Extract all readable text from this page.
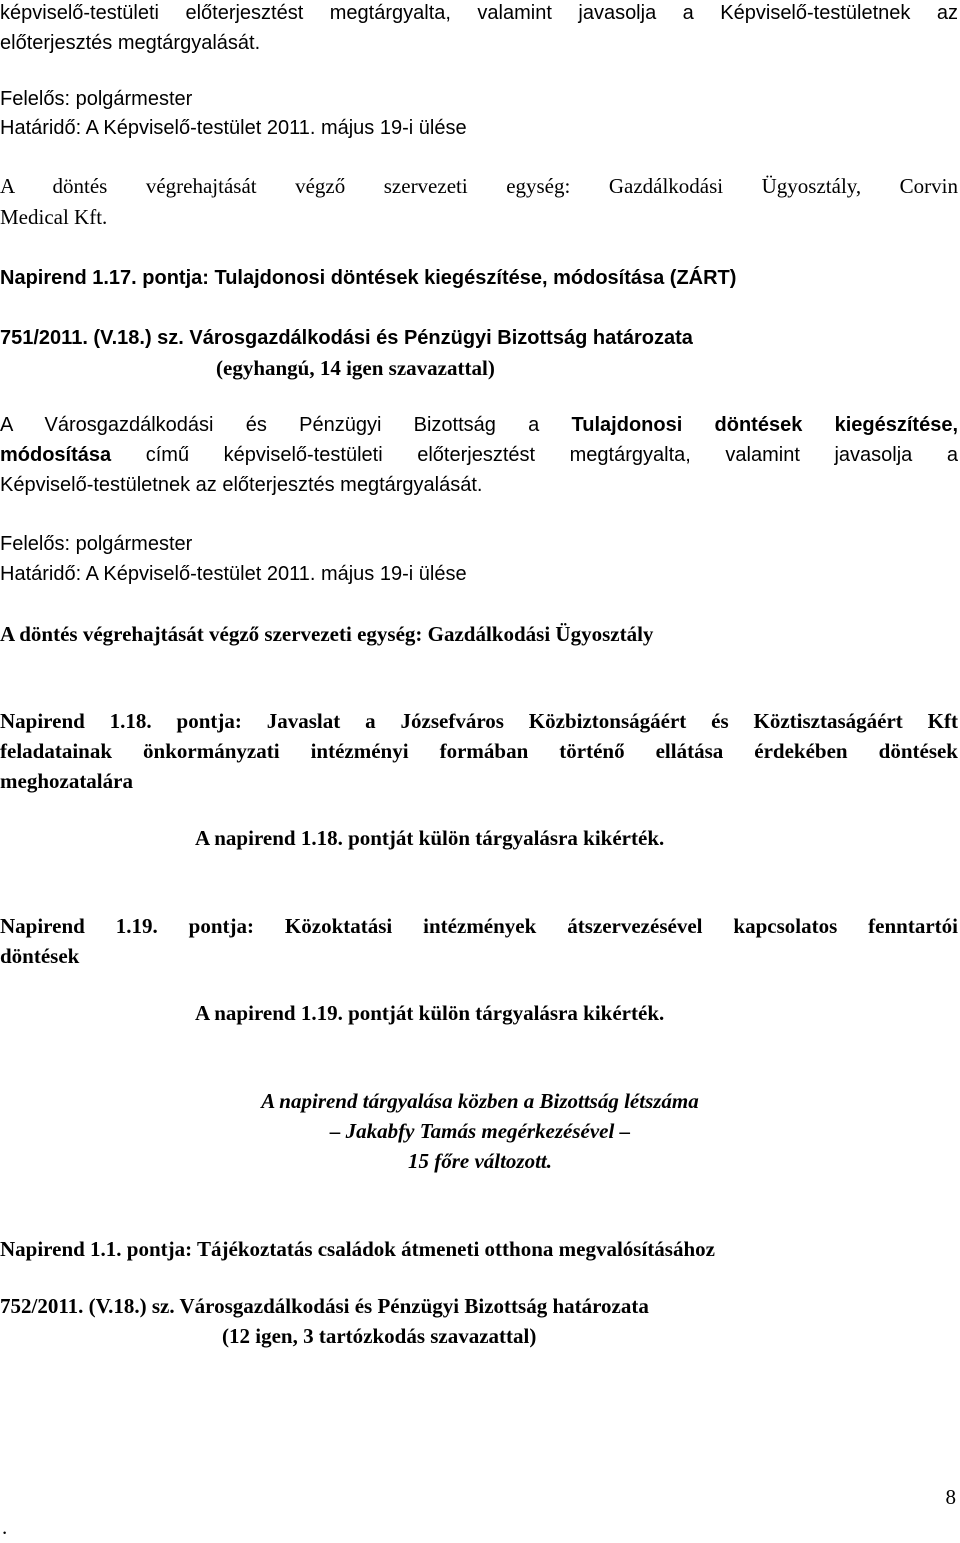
képviselő-testületi előterjesztést megtárgyalta, valamint javasolja a Képviselő-testületnek az
előterjesztés megtárgyalását.
Felelős: polgármester
Határidő: A Képviselő-testület 2011. május 19-i ülése
A döntés végrehajtását végző szervezeti egység: Gazdálkodási Ügyosztály, Corvin
Medical Kft.
Napirend 1.17. pontja: Tulajdonosi döntések kiegészítése, módosítása (ZÁRT)
751/2011. (V.18.) sz. Városgazdálkodási és Pénzügyi Bizottság határozata
(egyhangú, 14 igen szavazattal)
A Városgazdálkodási és Pénzügyi Bizottság a Tulajdonosi döntések kiegészítése,
módosítása című képviselő-testületi előterjesztést megtárgyalta, valamint javasolja a
Képviselő-testületnek az előterjesztés megtárgyalását.
Felelős: polgármester
Határidő: A Képviselő-testület 2011. május 19-i ülése
A döntés végrehajtását végző szervezeti egység: Gazdálkodási Ügyosztály
Napirend 1.18. pontja: Javaslat a Józsefváros Közbiztonságáért és Köztisztaságáért Kft
feladatainak önkormányzati intézményi formában történő ellátása érdekében döntések
meghozatalára
A napirend 1.18. pontját külön tárgyalásra kikérték.
Napirend 1.19. pontja: Közoktatási intézmények átszervezésével kapcsolatos fenntartói
döntések
A napirend 1.19. pontját külön tárgyalásra kikérték.
A napirend tárgyalása közben a Bizottság létszáma
– Jakabfy Tamás megérkezésével –
15 főre változott.
Napirend 1.1. pontja: Tájékoztatás családok átmeneti otthona megvalósításához
752/2011. (V.18.) sz. Városgazdálkodási és Pénzügyi Bizottság határozata
(12 igen, 3 tartózkodás szavazattal)
8
.
